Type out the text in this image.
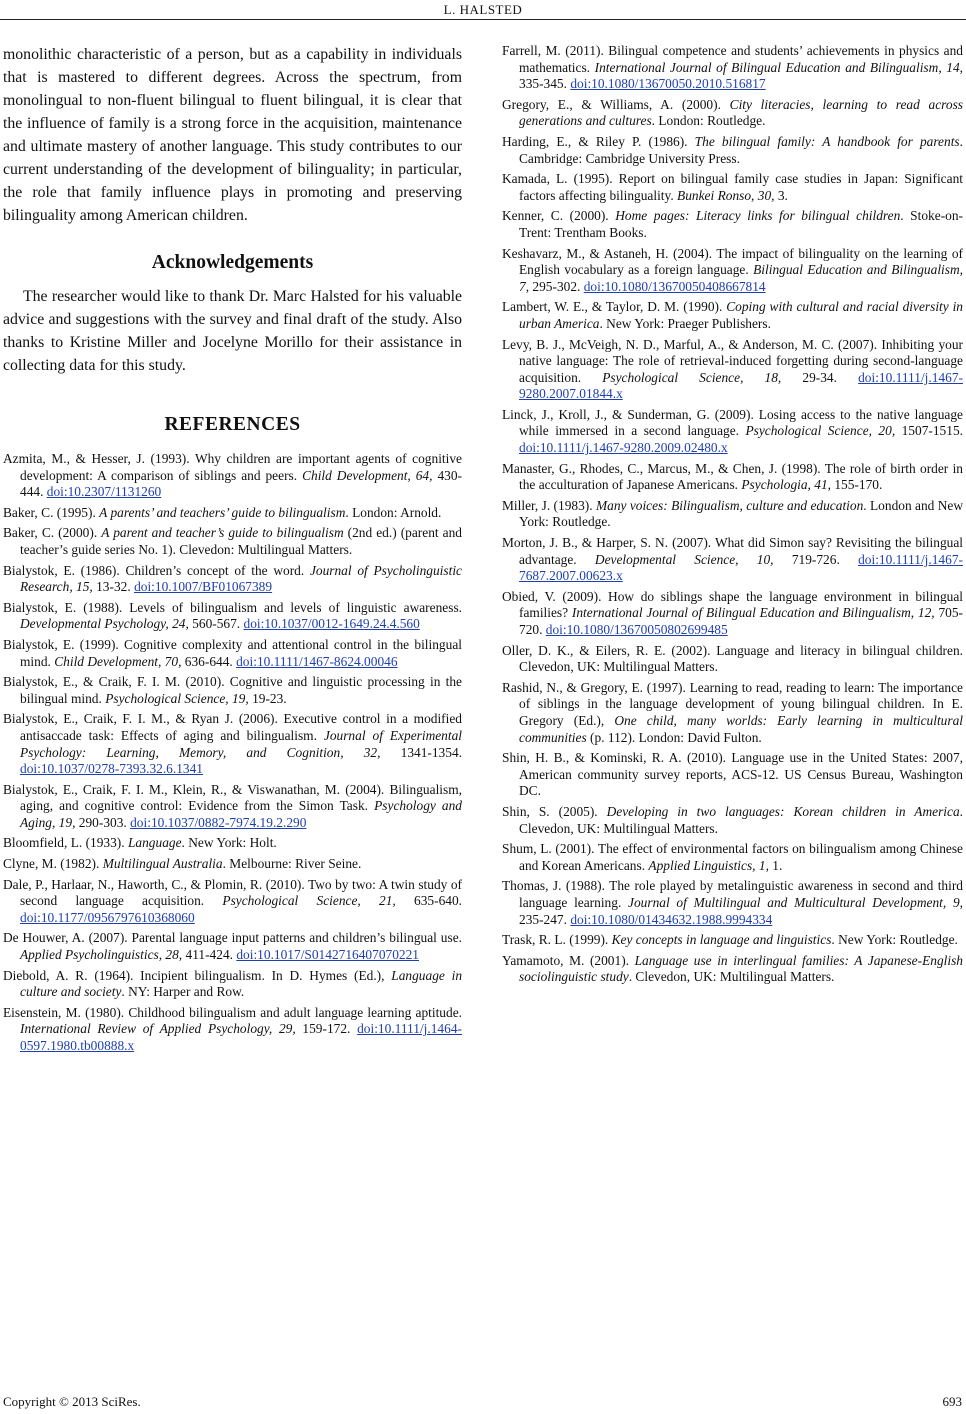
L. HALSTED

monolithic characteristic of a person, but as a capability in individuals that is mastered to different degrees. Across the spectrum, from monolingual to non-fluent bilingual to fluent bilingual, it is clear that the influence of family is a strong force in the acquisition, maintenance and ultimate mastery of another language. This study contributes to our current understanding of the development of bilinguality; in particular, the role that family influence plays in promoting and preserving bilinguality among American children.

Acknowledgements

The researcher would like to thank Dr. Marc Halsted for his valuable advice and suggestions with the survey and final draft of the study. Also thanks to Kristine Miller and Jocelyne Morillo for their assistance in collecting data for this study.

REFERENCES

Azmita, M., & Hesser, J. (1993). Why children are important agents of cognitive development: A comparison of siblings and peers. Child Development, 64, 430-444. doi:10.2307/1131260

Baker, C. (1995). A parents’ and teachers’ guide to bilingualism. London: Arnold.

Baker, C. (2000). A parent and teacher’s guide to bilingualism (2nd ed.) (parent and teacher’s guide series No. 1). Clevedon: Multilingual Matters.

Bialystok, E. (1986). Children’s concept of the word. Journal of Psycholinguistic Research, 15, 13-32. doi:10.1007/BF01067389

Bialystok, E. (1988). Levels of bilingualism and levels of linguistic awareness. Developmental Psychology, 24, 560-567. doi:10.1037/0012-1649.24.4.560

Bialystok, E. (1999). Cognitive complexity and attentional control in the bilingual mind. Child Development, 70, 636-644. doi:10.1111/1467-8624.00046

Bialystok, E., & Craik, F. I. M. (2010). Cognitive and linguistic processing in the bilingual mind. Psychological Science, 19, 19-23.

Bialystok, E., Craik, F. I. M., & Ryan J. (2006). Executive control in a modified antisaccade task: Effects of aging and bilingualism. Journal of Experimental Psychology: Learning, Memory, and Cognition, 32, 1341-1354. doi:10.1037/0278-7393.32.6.1341

Bialystok, E., Craik, F. I. M., Klein, R., & Viswanathan, M. (2004). Bilingualism, aging, and cognitive control: Evidence from the Simon Task. Psychology and Aging, 19, 290-303. doi:10.1037/0882-7974.19.2.290

Bloomfield, L. (1933). Language. New York: Holt.

Clyne, M. (1982). Multilingual Australia. Melbourne: River Seine.

Dale, P., Harlaar, N., Haworth, C., & Plomin, R. (2010). Two by two: A twin study of second language acquisition. Psychological Science, 21, 635-640. doi:10.1177/0956797610368060

De Houwer, A. (2007). Parental language input patterns and children’s bilingual use. Applied Psycholinguistics, 28, 411-424. doi:10.1017/S0142716407070221

Diebold, A. R. (1964). Incipient bilingualism. In D. Hymes (Ed.), Language in culture and society. NY: Harper and Row.

Eisenstein, M. (1980). Childhood bilingualism and adult language learning aptitude. International Review of Applied Psychology, 29, 159-172. doi:10.1111/j.1464-0597.1980.tb00888.x

Farrell, M. (2011). Bilingual competence and students’ achievements in physics and mathematics. International Journal of Bilingual Education and Bilingualism, 14, 335-345. doi:10.1080/13670050.2010.516817

Gregory, E., & Williams, A. (2000). City literacies, learning to read across generations and cultures. London: Routledge.

Harding, E., & Riley P. (1986). The bilingual family: A handbook for parents. Cambridge: Cambridge University Press.

Kamada, L. (1995). Report on bilingual family case studies in Japan: Significant factors affecting bilinguality. Bunkei Ronso, 30, 3.

Kenner, C. (2000). Home pages: Literacy links for bilingual children. Stoke-on-Trent: Trentham Books.

Keshavarz, M., & Astaneh, H. (2004). The impact of bilinguality on the learning of English vocabulary as a foreign language. Bilingual Education and Bilingualism, 7, 295-302. doi:10.1080/13670050408667814

Lambert, W. E., & Taylor, D. M. (1990). Coping with cultural and racial diversity in urban America. New York: Praeger Publishers.

Levy, B. J., McVeigh, N. D., Marful, A., & Anderson, M. C. (2007). Inhibiting your native language: The role of retrieval-induced forgetting during second-language acquisition. Psychological Science, 18, 29-34. doi:10.1111/j.1467-9280.2007.01844.x

Linck, J., Kroll, J., & Sunderman, G. (2009). Losing access to the native language while immersed in a second language. Psychological Science, 20, 1507-1515. doi:10.1111/j.1467-9280.2009.02480.x

Manaster, G., Rhodes, C., Marcus, M., & Chen, J. (1998). The role of birth order in the acculturation of Japanese Americans. Psychologia, 41, 155-170.

Miller, J. (1983). Many voices: Bilingualism, culture and education. London and New York: Routledge.

Morton, J. B., & Harper, S. N. (2007). What did Simon say? Revisiting the bilingual advantage. Developmental Science, 10, 719-726. doi:10.1111/j.1467-7687.2007.00623.x

Obied, V. (2009). How do siblings shape the language environment in bilingual families? International Journal of Bilingual Education and Bilingualism, 12, 705-720. doi:10.1080/13670050802699485

Oller, D. K., & Eilers, R. E. (2002). Language and literacy in bilingual children. Clevedon, UK: Multilingual Matters.

Rashid, N., & Gregory, E. (1997). Learning to read, reading to learn: The importance of siblings in the language development of young bilingual children. In E. Gregory (Ed.), One child, many worlds: Early learning in multicultural communities (p. 112). London: David Fulton.

Shin, H. B., & Kominski, R. A. (2010). Language use in the United States: 2007, American community survey reports, ACS-12. US Census Bureau, Washington DC.

Shin, S. (2005). Developing in two languages: Korean children in America. Clevedon, UK: Multilingual Matters.

Shum, L. (2001). The effect of environmental factors on bilingualism among Chinese and Korean Americans. Applied Linguistics, 1, 1.

Thomas, J. (1988). The role played by metalinguistic awareness in second and third language learning. Journal of Multilingual and Multicultural Development, 9, 235-247. doi:10.1080/01434632.1988.9994334

Trask, R. L. (1999). Key concepts in language and linguistics. New York: Routledge.

Yamamoto, M. (2001). Language use in interlingual families: A Japanese-English sociolinguistic study. Clevedon, UK: Multilingual Matters.

Copyright © 2013 SciRes.	693
